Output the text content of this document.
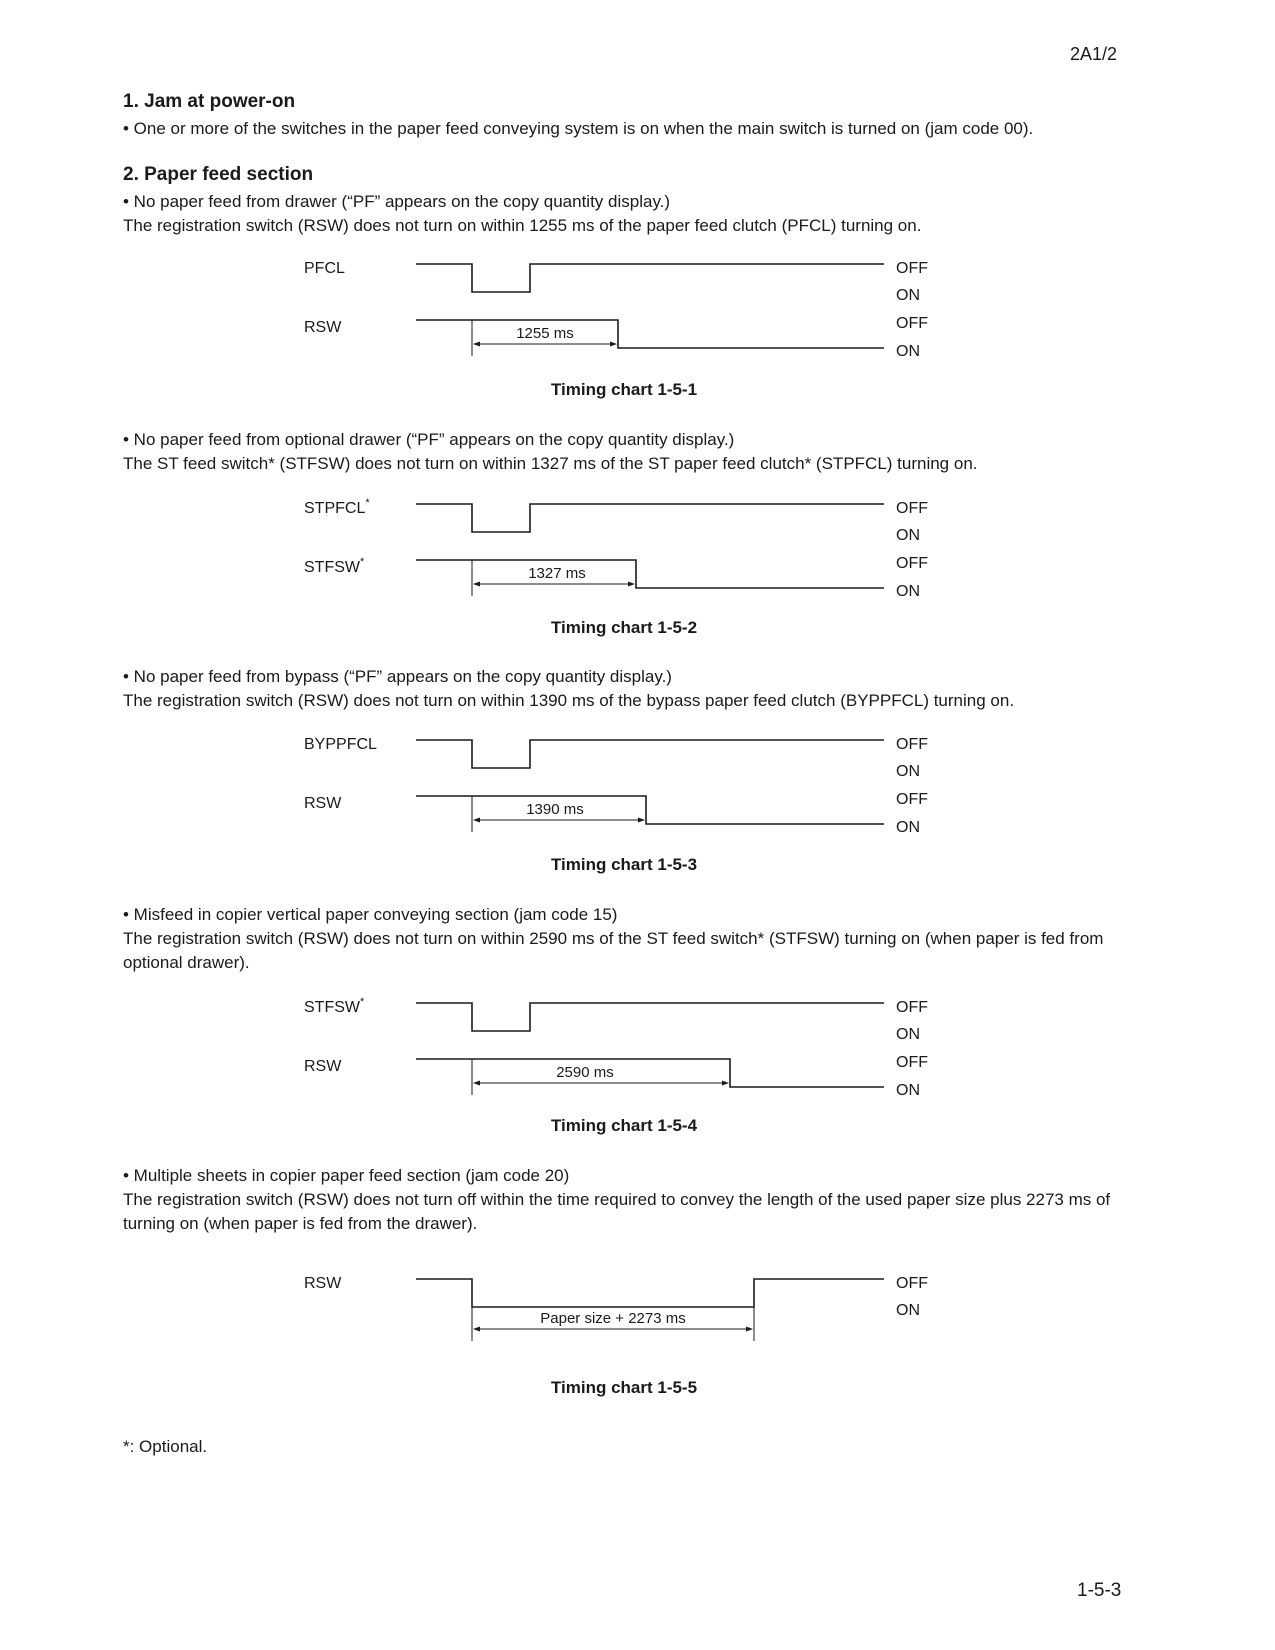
2A1/2

1. Jam at power-on

• One or more of the switches in the paper feed conveying system is on when the main switch is turned on (jam code 00).

2. Paper feed section

• No paper feed from drawer (“PF” appears on the copy quantity display.)

The registration switch (RSW) does not turn on within 1255 ms of the paper feed clutch (PFCL) turning on.

PFCL
RSW
OFF
ON
OFF
ON
1255 ms

Timing chart 1-5-1

• No paper feed from optional drawer (“PF” appears on the copy quantity display.)

The ST feed switch* (STFSW) does not turn on within 1327 ms of the ST paper feed clutch* (STPFCL) turning on.

STPFCL*
STFSW*
OFF
ON
OFF
ON
1327 ms

Timing chart 1-5-2

• No paper feed from bypass (“PF” appears on the copy quantity display.)

The registration switch (RSW) does not turn on within 1390 ms of the bypass paper feed clutch (BYPPFCL) turning on.

BYPPFCL
RSW
OFF
ON
OFF
ON
1390 ms

Timing chart 1-5-3

• Misfeed in copier vertical paper conveying section (jam code 15)

The registration switch (RSW) does not turn on within 2590 ms of the ST feed switch* (STFSW) turning on (when paper is fed from optional drawer).

STFSW*
RSW
OFF
ON
OFF
ON
2590 ms

Timing chart 1-5-4

• Multiple sheets in copier paper feed section (jam code 20)

The registration switch (RSW) does not turn off within the time required to convey the length of the used paper size plus 2273 ms of turning on (when paper is fed from the drawer).

RSW	OFF
ON
Paper size + 2273 ms

Timing chart 1-5-5

*: Optional.

1-5-3
